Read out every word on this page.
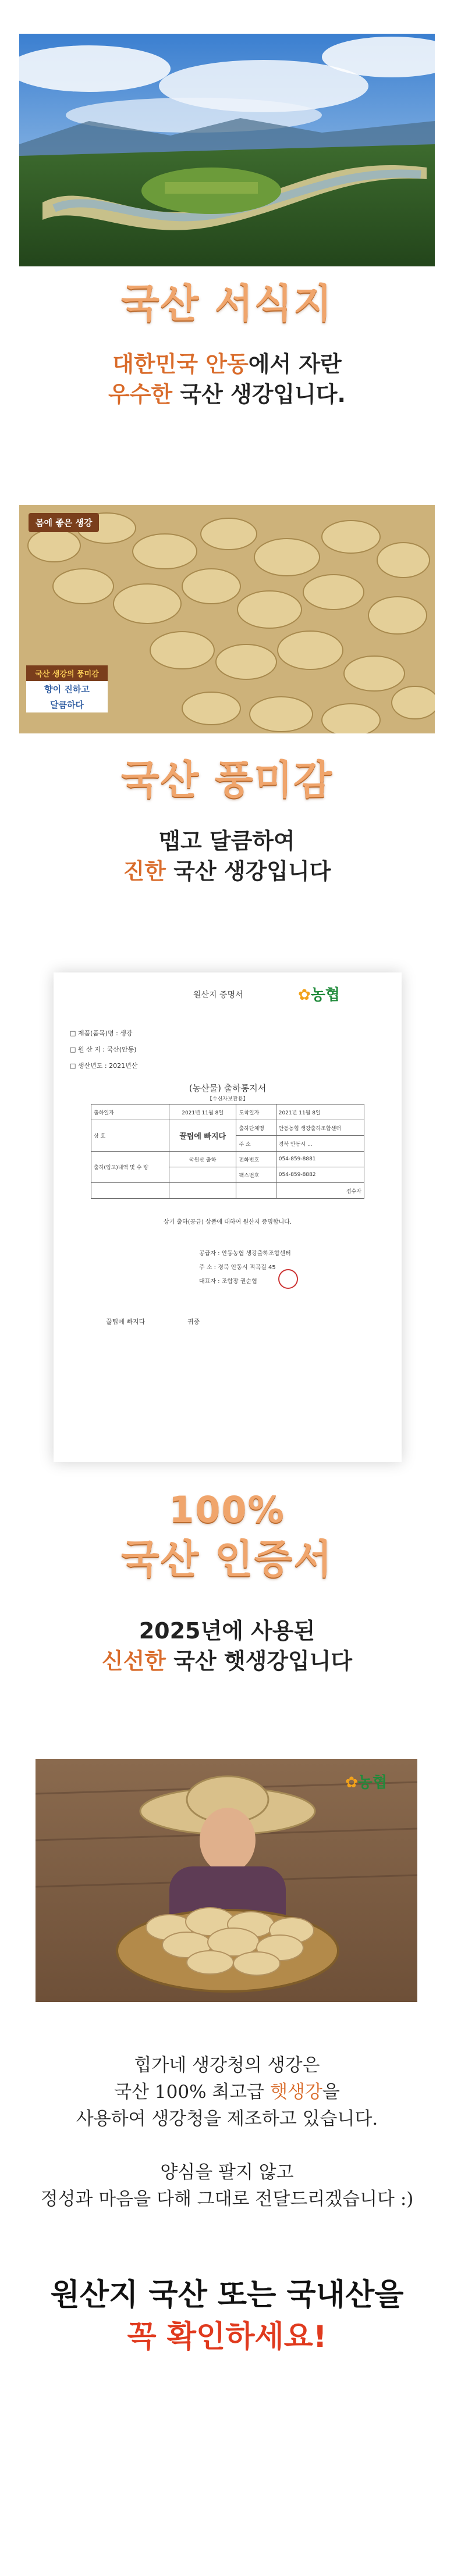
국산 서식지
대한민국 안동에서 자란
우수한 국산 생강입니다.
몸에 좋은 생강
국산 생강의 풍미감
향이 진하고
달큼하다
국산 풍미감
맵고 달큼하여
진한 국산 생강입니다
원산지 증명서	✿농협
□ 제품(품목)명 : 생강
□ 원 산 지 : 국산(안동)
□ 생산년도 : 2021년산
(농산물) 출하통지서
【수신자보관용】
출하일자	2021년 11월 8일	도착일자	2021년 11월 8일
상 호	꿀팁에 빠지다	출하단체명	안동농협 생강출하조합센터
		주 소	경북 안동시 ...
출하(입고)내역 및 수 량	국원산 출하	전화번호	054-859-8881
		팩스번호	054-859-8882
			접수자
상기 출하(공급) 상품에 대하여 원산지 증명합니다.
공급자 : 안동농협 생강출하조합센터
주 소 : 경북 안동시 적곡길 45
대표자 : 조합장 권순협
꿀팁에 빠지다	귀중
100%
국산 인증서
2025년에 사용된
신선한 국산 햇생강입니다
✿농협
힙가네 생강청의 생강은
국산 100% 최고급 햇생강을
사용하여 생강청을 제조하고 있습니다.
양심을 팔지 않고
정성과 마음을 다해 그대로 전달드리겠습니다 :)
원산지 국산 또는 국내산을
꼭 확인하세요!
